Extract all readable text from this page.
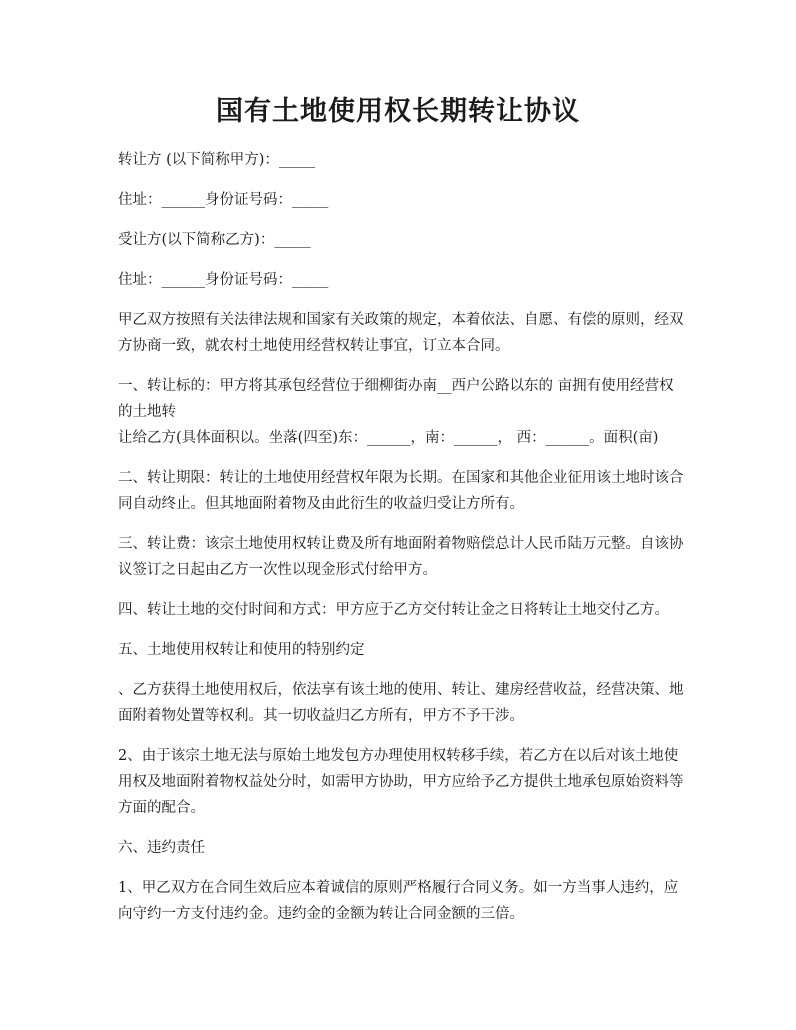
国有土地使用权长期转让协议

转让方 (以下简称甲方)：_____

住址：______身份证号码：_____

受让方(以下简称乙方)：_____

住址：______身份证号码：_____

甲乙双方按照有关法律法规和国家有关政策的规定，本着依法、自愿、有偿的原则，经双方协商一致，就农村土地使用经营权转让事宜，订立本合同。

一、转让标的：甲方将其承包经营位于细柳街办南__西户公路以东的 亩拥有使用经营权的土地转

让给乙方(具体面积以。坐落(四至)东：______，南：______， 西：______。面积(亩)

二、转让期限：转让的土地使用经营权年限为长期。在国家和其他企业征用该土地时该合同自动终止。但其地面附着物及由此衍生的收益归受让方所有。

三、转让费：该宗土地使用权转让费及所有地面附着物赔偿总计人民币陆万元整。自该协议签订之日起由乙方一次性以现金形式付给甲方。

四、转让土地的交付时间和方式：甲方应于乙方交付转让金之日将转让土地交付乙方。

五、土地使用权转让和使用的特别约定

、乙方获得土地使用权后，依法享有该土地的使用、转让、建房经营收益，经营决策、地面附着物处置等权利。其一切收益归乙方所有，甲方不予干涉。

2、由于该宗土地无法与原始土地发包方办理使用权转移手续，若乙方在以后对该土地使用权及地面附着物权益处分时，如需甲方协助，甲方应给予乙方提供土地承包原始资料等方面的配合。

六、违约责任

1、甲乙双方在合同生效后应本着诚信的原则严格履行合同义务。如一方当事人违约，应向守约一方支付违约金。违约金的金额为转让合同金额的三倍。
